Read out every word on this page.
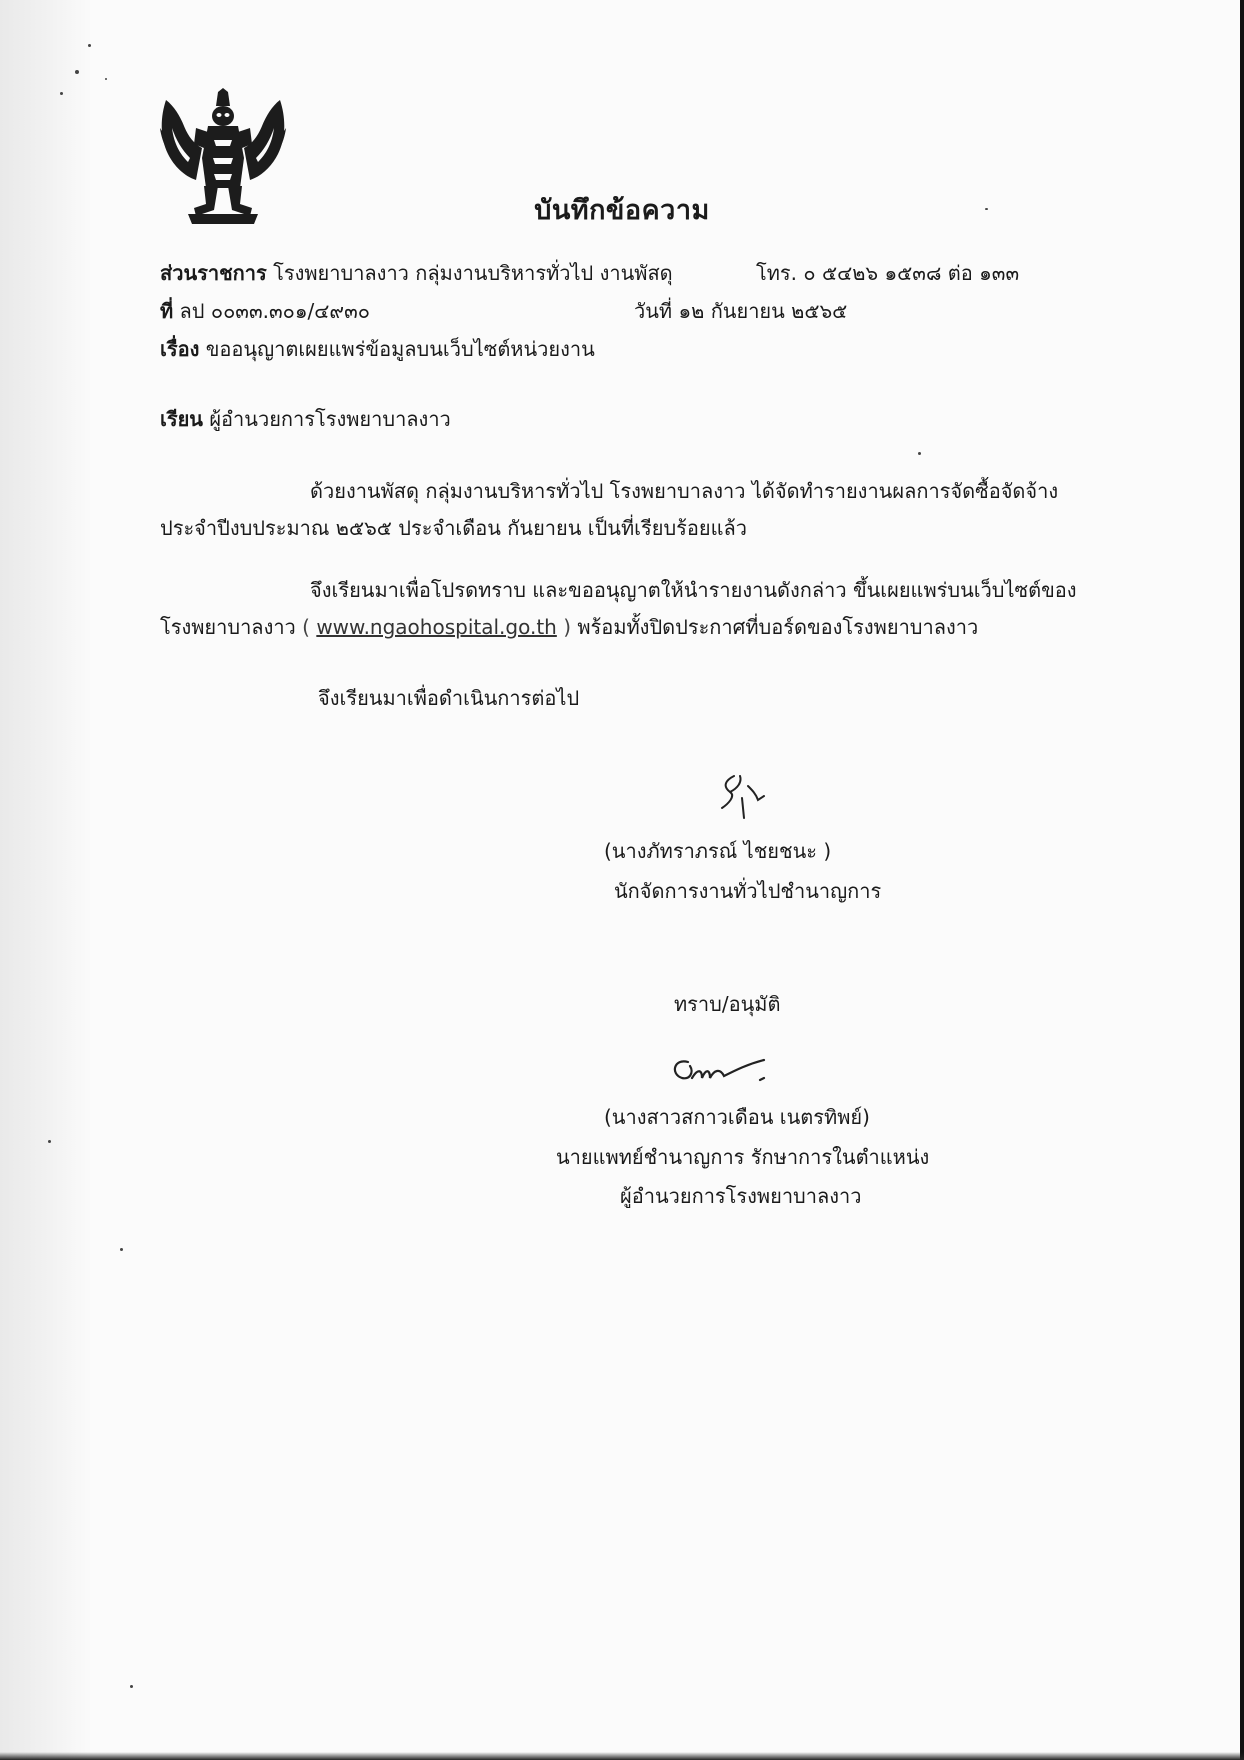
บันทึกข้อความ
ส่วนราชการ โรงพยาบาลงาว กลุ่มงานบริหารทั่วไป งานพัสดุ	โทร. ๐ ๕๔๒๖ ๑๕๓๘ ต่อ ๑๓๓
ที่ ลป ๐๐๓๓.๓๐๑/๔๙๓๐	วันที่ ๑๒ กันยายน ๒๕๖๕
เรื่อง ขออนุญาตเผยแพร่ข้อมูลบนเว็บไซต์หน่วยงาน
เรียน ผู้อำนวยการโรงพยาบาลงาว
ด้วยงานพัสดุ กลุ่มงานบริหารทั่วไป โรงพยาบาลงาว ได้จัดทำรายงานผลการจัดซื้อจัดจ้าง
ประจำปีงบประมาณ ๒๕๖๕ ประจำเดือน กันยายน เป็นที่เรียบร้อยแล้ว
จึงเรียนมาเพื่อโปรดทราบ และขออนุญาตให้นำรายงานดังกล่าว ขึ้นเผยแพร่บนเว็บไซต์ของ
โรงพยาบาลงาว ( www.ngaohospital.go.th ) พร้อมทั้งปิดประกาศที่บอร์ดของโรงพยาบาลงาว
จึงเรียนมาเพื่อดำเนินการต่อไป
(นางภัทราภรณ์ ไชยชนะ )
นักจัดการงานทั่วไปชำนาญการ
ทราบ/อนุมัติ
(นางสาวสกาวเดือน เนตรทิพย์)
นายแพทย์ชำนาญการ รักษาการในตำแหน่ง
ผู้อำนวยการโรงพยาบาลงาว
